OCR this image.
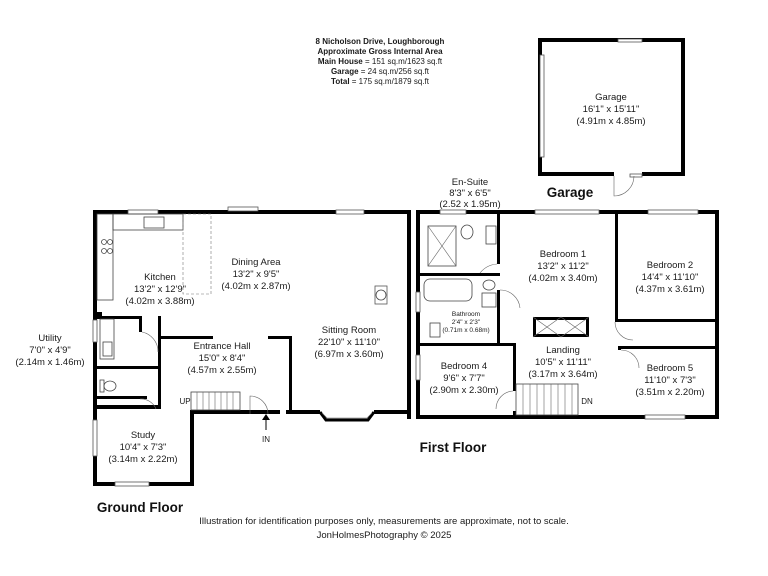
8 Nicholson Drive, Loughborough
Approximate Gross Internal Area
Main House = 151 sq.m/1623 sq.ft
Garage = 24 sq.m/256 sq.ft
Total = 175 sq.m/1879 sq.ft
Garage
16'1" x 15'11"
(4.91m x 4.85m)
Garage
Kitchen
13'2" x 12'9"
(4.02m x 3.88m)
Dining Area
13'2" x 9'5"
(4.02m x 2.87m)
Utility
7'0" x 4'9"
(2.14m x 1.46m)
Entrance Hall
15'0" x 8'4"
(4.57m x 2.55m)
Sitting Room
22'10" x 11'10"
(6.97m x 3.60m)
Study
10'4" x 7'3"
(3.14m x 2.22m)
UP
IN
Ground Floor
En-Suite
8'3" x 6'5"
(2.52 x 1.95m)
Bedroom 1
13'2" x 11'2"
(4.02m x 3.40m)
Bedroom 2
14'4" x 11'10"
(4.37m x 3.61m)
Bathroom
2'4" x 2'3"
(0.71m x 0.68m)
Bedroom 4
9'6" x 7'7"
(2.90m x 2.30m)
Landing
10'5" x 11'11"
(3.17m x 3.64m)
Bedroom 5
11'10" x 7'3"
(3.51m x 2.20m)
DN
First Floor
Illustration for identification purposes only, measurements are approximate, not to scale.
JonHolmesPhotography © 2025
